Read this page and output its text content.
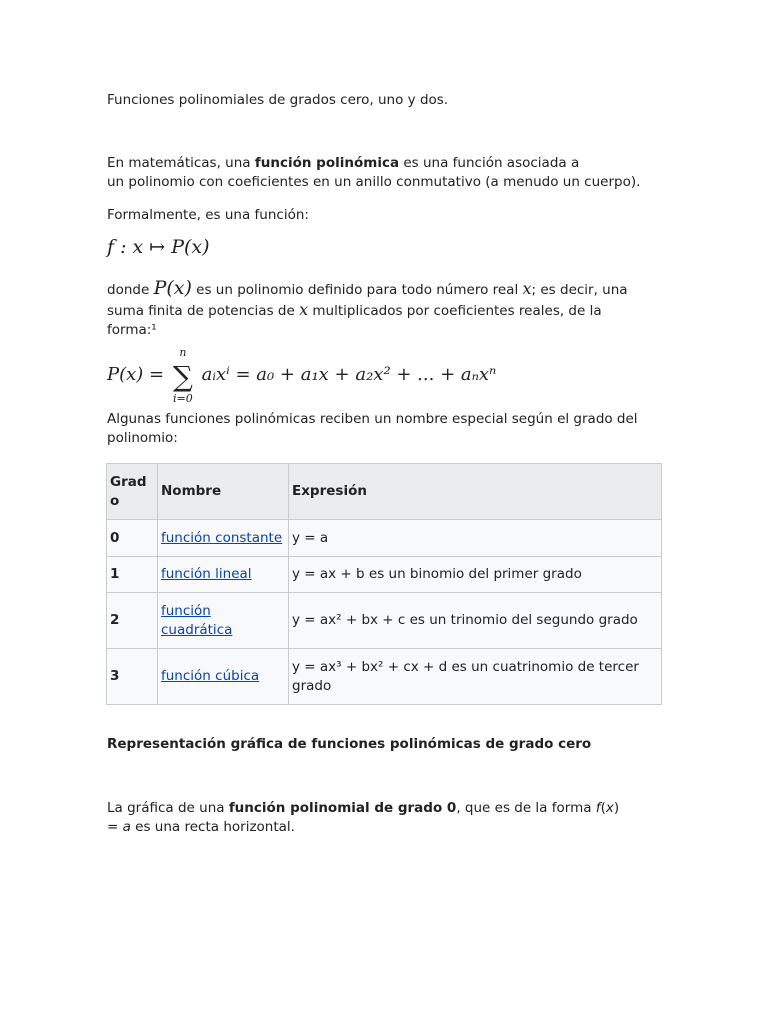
Funciones polinomiales de grados cero, uno y dos.

En matemáticas, una función polinómica es una función asociada a
un polinomio con coeficientes en un anillo conmutativo (a menudo un cuerpo).

Formalmente, es una función:

f : x ↦ P(x)

donde P(x) es un polinomio definido para todo número real x; es decir, una
suma finita de potencias de x multiplicados por coeficientes reales, de la
forma:¹

P(x) = ∑
n
i=0
aᵢxⁱ = a₀ + a₁x + a₂x² + ... + aₙxⁿ

Algunas funciones polinómicas reciben un nombre especial según el grado del polinomio:

Grad o	Nombre	Expresión
0	función constante	y = a
1	función lineal	y = ax + b es un binomio del primer grado
2	función cuadrática	y = ax² + bx + c es un trinomio del segundo grado
3	función cúbica	y = ax³ + bx² + cx + d es un cuatrinomio de tercer grado

Representación gráfica de funciones polinómicas de grado cero

La gráfica de una función polinomial de grado 0, que es de la forma f(x)
= a es una recta horizontal.
